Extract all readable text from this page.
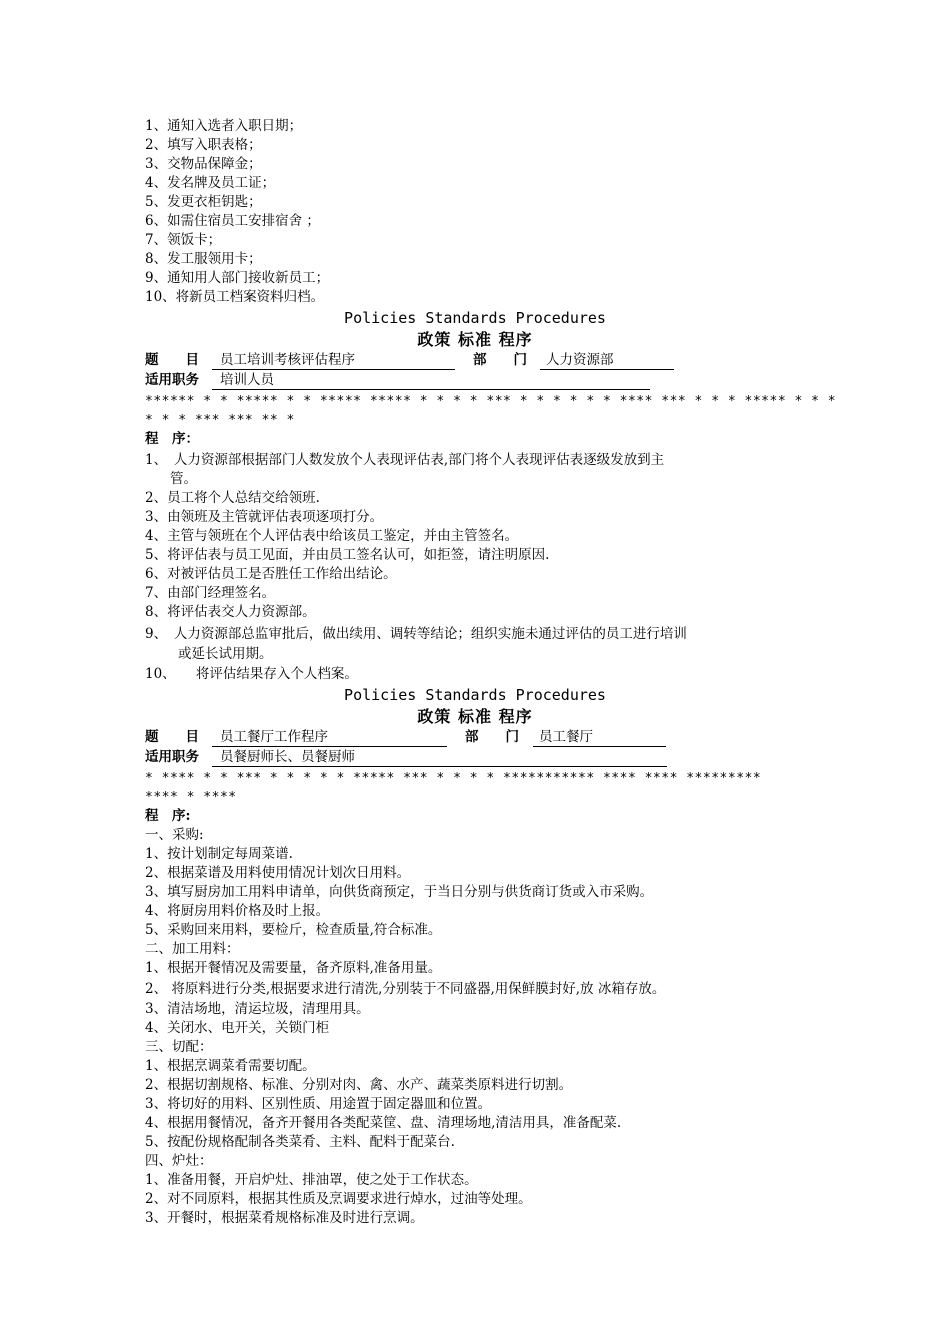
1、通知入选者入职日期；
2、填写入职表格；
3、交物品保障金；
4、发名牌及员工证；
5、发更衣柜钥匙；
6、如需住宿员工安排宿舍 ；
7、领饭卡；
8、发工服领用卡；
9、通知用人部门接收新员工；
10、将新员工档案资料归档。
Policies Standards Procedures
政策 标准 程序
题　　目	员工培训考核评估程序	部　　门	人力资源部
适用职务	培训人员
****** * * ***** * * ***** ***** * * * * *** * * * * * * **** *** * * * ***** * * *
* * * *** *** ** *
程　序：
1、　人力资源部根据部门人数发放个人表现评估表,部门将个人表现评估表逐级发放到主
管。
2、员工将个人总结交给领班.
3、由领班及主管就评估表项逐项打分。
4、主管与领班在个人评估表中给该员工鉴定，并由主管签名。
5、将评估表与员工见面，并由员工签名认可，如拒签，请注明原因.
6、对被评估员工是否胜任工作给出结论。
7、由部门经理签名。
8、将评估表交人力资源部。
9、　人力资源部总监审批后，做出续用、调转等结论；组织实施未通过评估的员工进行培训
或延长试用期。
10、　　将评估结果存入个人档案。
Policies Standards Procedures
政策 标准 程序
题　　目	员工餐厅工作程序	部　　门	员工餐厅
适用职务	员餐厨师长、员餐厨师
* **** * * *** * * * * * ***** *** * * * * *********** **** **** *********
**** * ****
程　序:
一、采购:
1、按计划制定每周菜谱.
2、根据菜谱及用料使用情况计划次日用料。
3、填写厨房加工用料申请单，向供货商预定，于当日分别与供货商订货或入市采购。
4、将厨房用料价格及时上报。
5、采购回来用料，要检斤，检查质量,符合标准。
二、加工用料：
1、根据开餐情况及需要量，备齐原料,准备用量。
2、 将原料进行分类,根据要求进行清洗,分别装于不同盛器,用保鲜膜封好,放 冰箱存放。
3、清洁场地，清运垃圾，清理用具。
4、关闭水、电开关，关锁门柜
三、切配：
1、根据烹调菜肴需要切配。
2、根据切割规格、标准、分别对肉、禽、水产、蔬菜类原料进行切割。
3、将切好的用料、区别性质、用途置于固定器皿和位置。
4、根据用餐情况，备齐开餐用各类配菜筐、盘、清理场地,清洁用具，准备配菜.
5、按配份规格配制各类菜肴、主料、配料于配菜台.
四、炉灶：
1、准备用餐，开启炉灶、排油罩，使之处于工作状态。
2、对不同原料，根据其性质及烹调要求进行焯水，过油等处理。
3、开餐时，根据菜肴规格标准及时进行烹调。
